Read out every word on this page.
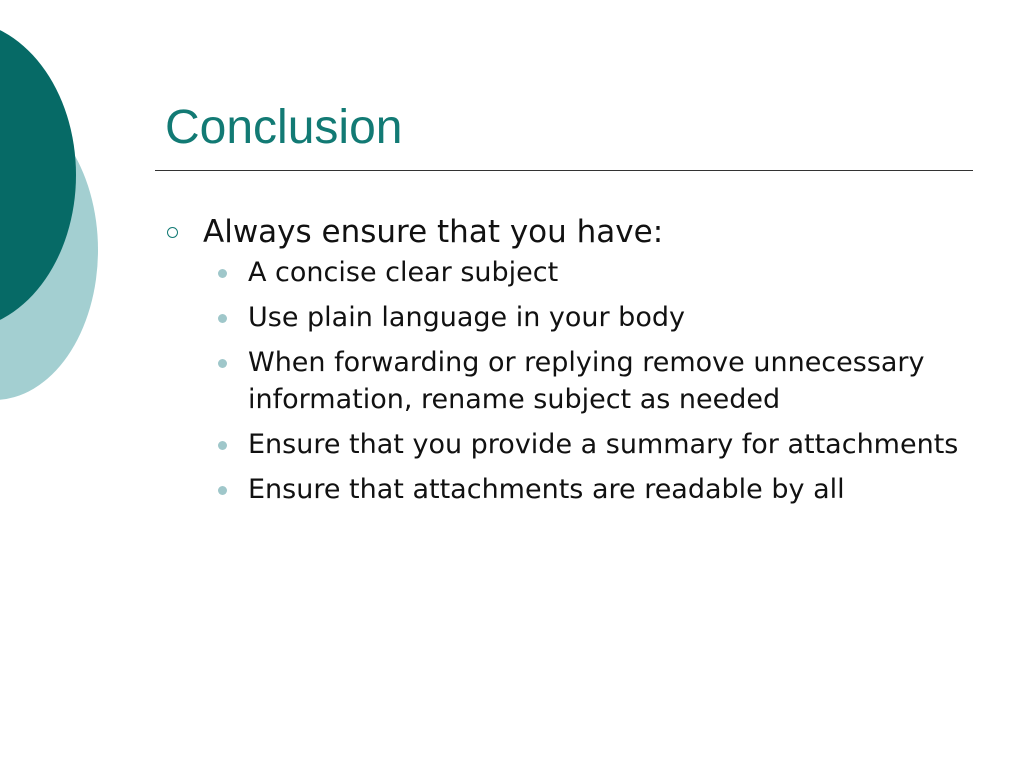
Conclusion
Always ensure that you have:
A concise clear subject
Use plain language in your body
When forwarding or replying remove unnecessary information, rename subject as needed
Ensure that you provide a summary for attachments
Ensure that attachments are readable by all
